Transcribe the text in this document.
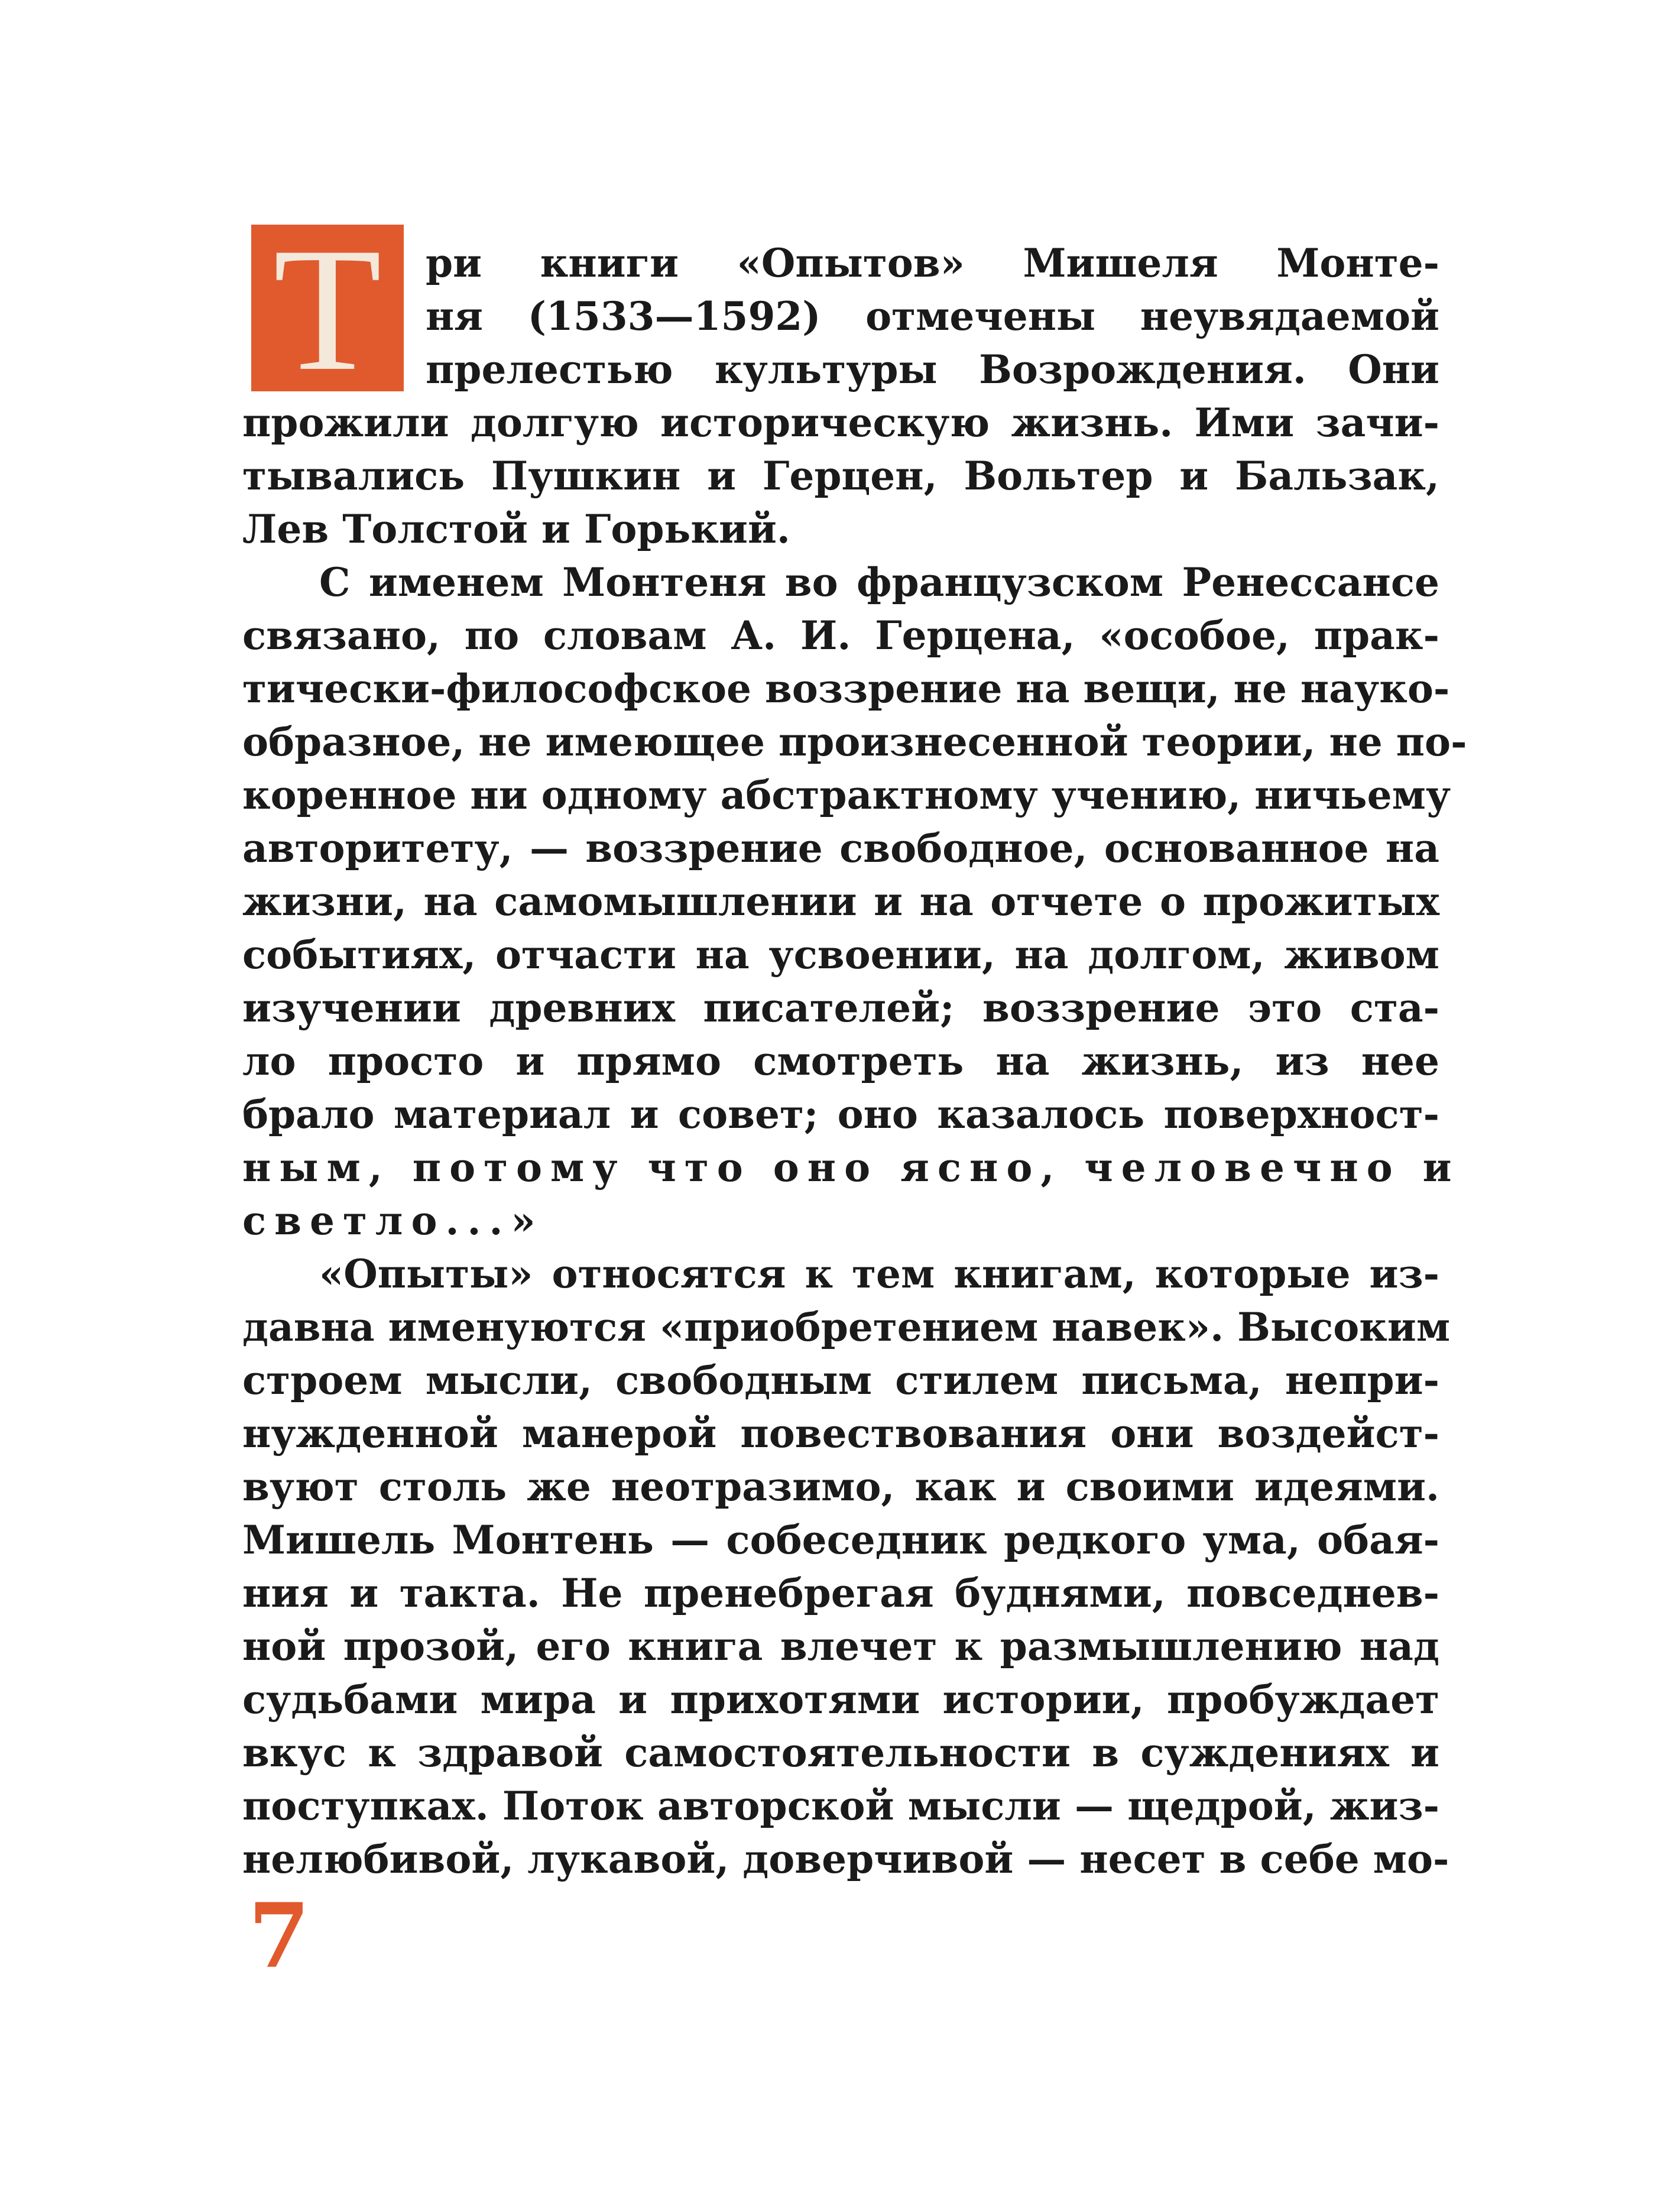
Т	ри книги «Опытов» Мишеля Монте-
ня (1533—1592) отмечены неувядаемой
прелестью культуры Возрождения. Они
прожили долгую историческую жизнь. Ими зачи-
тывались Пушкин и Герцен, Вольтер и Бальзак,
Лев Толстой и Горький.
С именем Монтеня во французском Ренессансе
связано, по словам А. И. Герцена, «особое, прак-
тически-философское воззрение на вещи, не науко-
образное, не имеющее произнесенной теории, не по-
коренное ни одному абстрактному учению, ничьему
авторитету, — воззрение свободное, основанное на
жизни, на самомышлении и на отчете о прожитых
событиях, отчасти на усвоении, на долгом, живом
изучении древних писателей; воззрение это ста-
ло просто и прямо смотреть на жизнь, из нее
брало материал и совет; оно казалось поверхност-
ным, потому что оно ясно, человечно и
светло...»
«Опыты» относятся к тем книгам, которые из-
давна именуются «приобретением навек». Высоким
строем мысли, свободным стилем письма, непри-
нужденной манерой повествования они воздейст-
вуют столь же неотразимо, как и своими идеями.
Мишель Монтень — собеседник редкого ума, обая-
ния и такта. Не пренебрегая буднями, повседнев-
ной прозой, его книга влечет к размышлению над
судьбами мира и прихотями истории, пробуждает
вкус к здравой самостоятельности в суждениях и
поступках. Поток авторской мысли — щедрой, жиз-
нелюбивой, лукавой, доверчивой — несет в себе мо-
7
